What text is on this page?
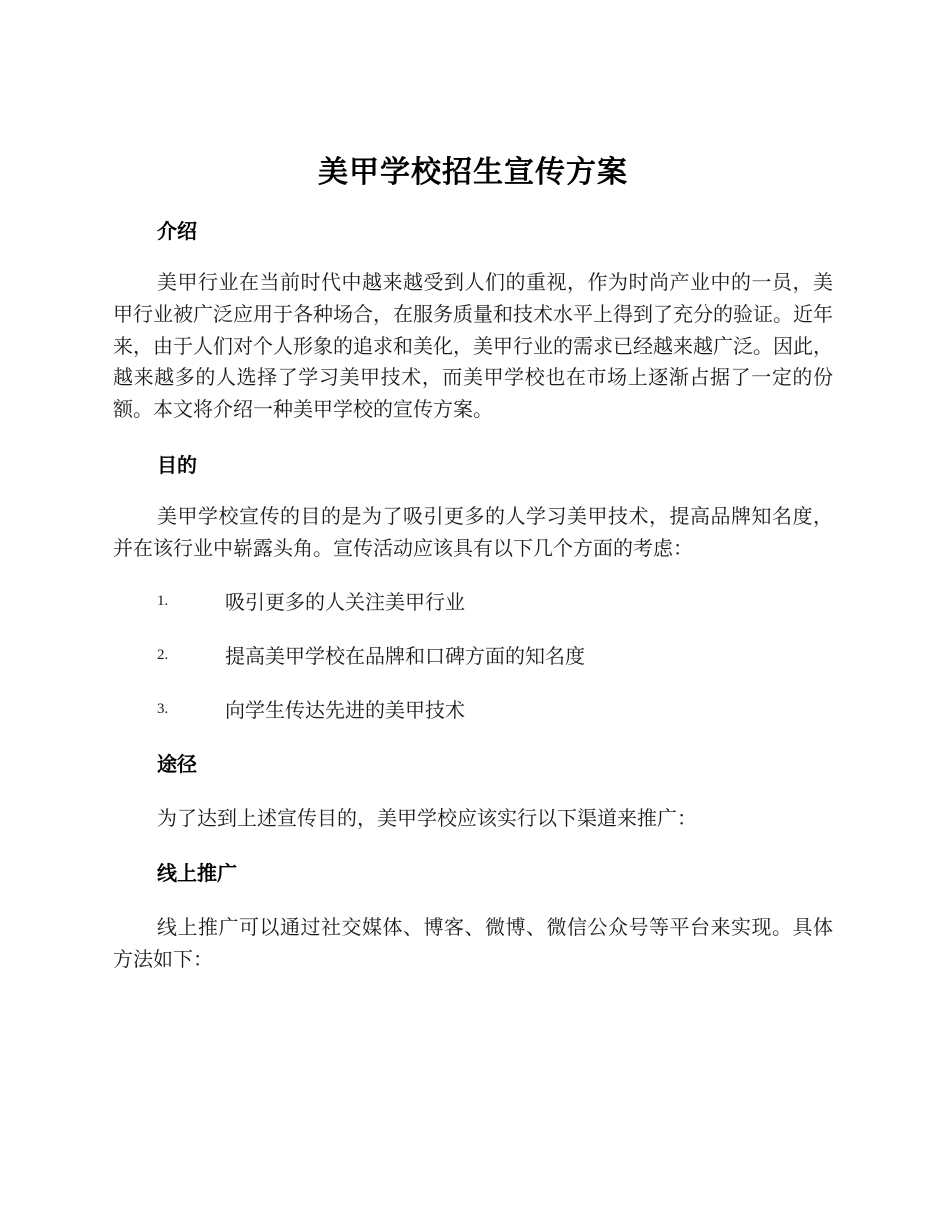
美甲学校招生宣传方案
介绍

美甲行业在当前时代中越来越受到人们的重视，作为时尚产业中的一员，美甲行业被广泛应用于各种场合，在服务质量和技术水平上得到了充分的验证。近年来，由于人们对个人形象的追求和美化，美甲行业的需求已经越来越广泛。因此，越来越多的人选择了学习美甲技术，而美甲学校也在市场上逐渐占据了一定的份额。本文将介绍一种美甲学校的宣传方案。

目的

美甲学校宣传的目的是为了吸引更多的人学习美甲技术，提高品牌知名度，并在该行业中崭露头角。宣传活动应该具有以下几个方面的考虑：

1.	吸引更多的人关注美甲行业
2.	提高美甲学校在品牌和口碑方面的知名度
3.	向学生传达先进的美甲技术
途径

为了达到上述宣传目的，美甲学校应该实行以下渠道来推广：

线上推广

线上推广可以通过社交媒体、博客、微博、微信公众号等平台来实现。具体方法如下：
